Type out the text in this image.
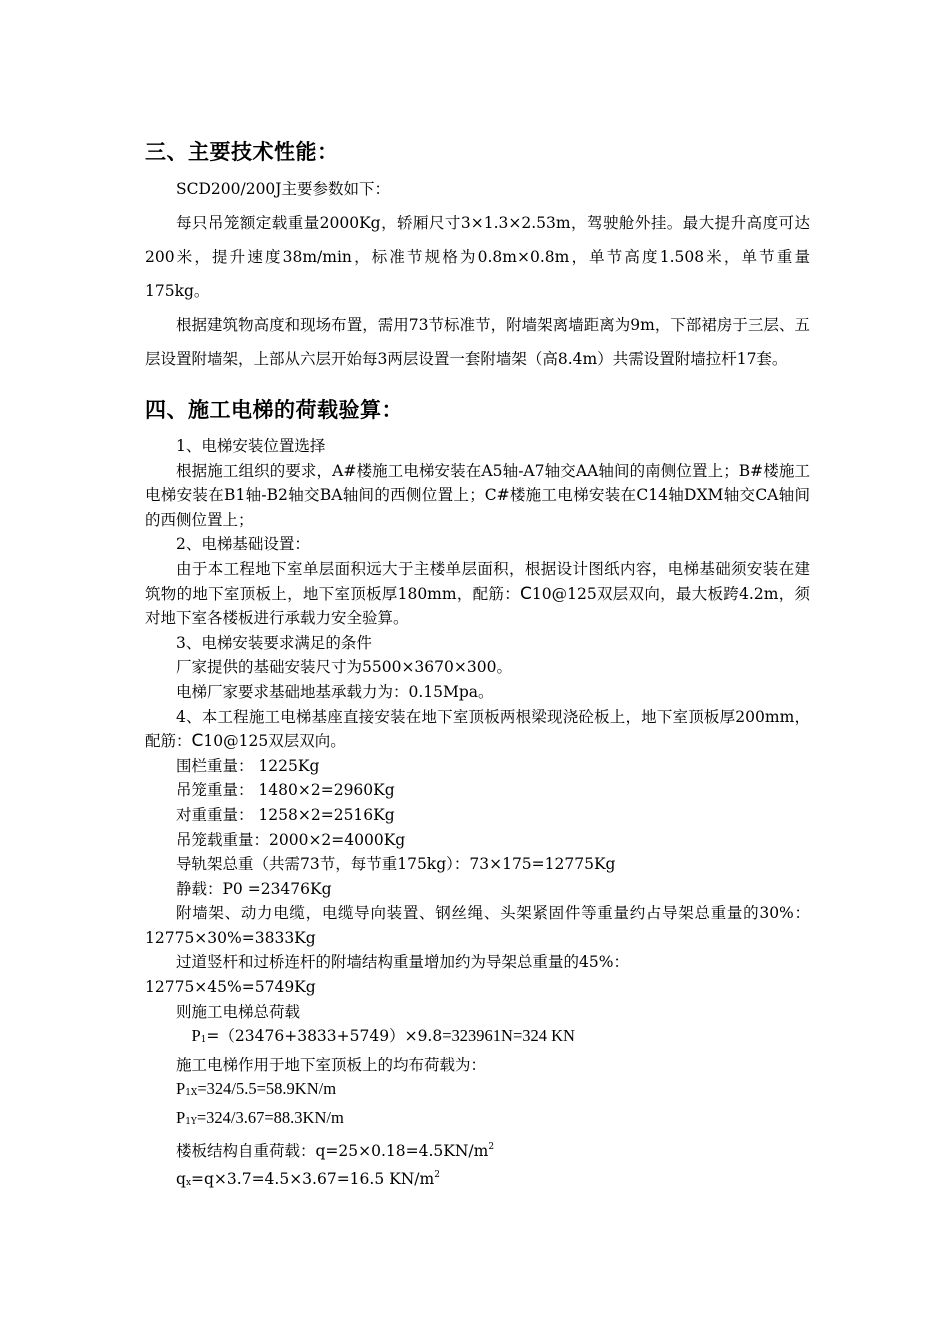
三、主要技术性能：

SCD200/200J主要参数如下：

每只吊笼额定载重量2000Kg，轿厢尺寸3×1.3×2.53m，驾驶舱外挂。最大提升高度可达200米，提升速度38m/min，标准节规格为0.8m×0.8m，单节高度1.508米，单节重量175kg。

根据建筑物高度和现场布置，需用73节标准节，附墙架离墙距离为9m，下部裙房于三层、五层设置附墙架，上部从六层开始每3两层设置一套附墙架（高8.4m）共需设置附墙拉杆17套。

四、施工电梯的荷载验算：

1、电梯安装位置选择

根据施工组织的要求，A#楼施工电梯安装在A5轴-A7轴交AA轴间的南侧位置上；B#楼施工电梯安装在B1轴-B2轴交BA轴间的西侧位置上；C#楼施工电梯安装在C14轴DXM轴交CA轴间的西侧位置上；

2、电梯基础设置：

由于本工程地下室单层面积远大于主楼单层面积，根据设计图纸内容，电梯基础须安装在建筑物的地下室顶板上，地下室顶板厚180mm，配筋：C10@125双层双向，最大板跨4.2m，须对地下室各楼板进行承载力安全验算。

3、电梯安装要求满足的条件

厂家提供的基础安装尺寸为5500×3670×300。

电梯厂家要求基础地基承载力为：0.15Mpa。

4、本工程施工电梯基座直接安装在地下室顶板两根梁现浇砼板上，地下室顶板厚200mm，配筋：C10@125双层双向。

围栏重量： 1225Kg

吊笼重量： 1480×2=2960Kg

对重重量： 1258×2=2516Kg

吊笼载重量：2000×2=4000Kg

导轨架总重（共需73节，每节重175kg）：73×175=12775Kg

静载：P0 =23476Kg

附墙架、动力电缆，电缆导向装置、钢丝绳、头架紧固件等重量约占导架总重量的30%： 12775×30%=3833Kg

过道竖杆和过桥连杆的附墙结构重量增加约为导架总重量的45%：

12775×45%=5749Kg

则施工电梯总荷载

$P_1=(23476+3833+5749)\times 9.8=323961N=324$ KN

施工电梯作用于地下室顶板上的均布荷载为：

$P_{1X}=324/5.5=58.9KN/m$

$P_{1Y}=324/3.67=88.3KN/m$

楼板结构自重荷载：$q=25\times 0.18=4.5KN/m^2$

$q_x=q\times 3.7=4.5\times 3.67=16.5$ $KN/m^2$
